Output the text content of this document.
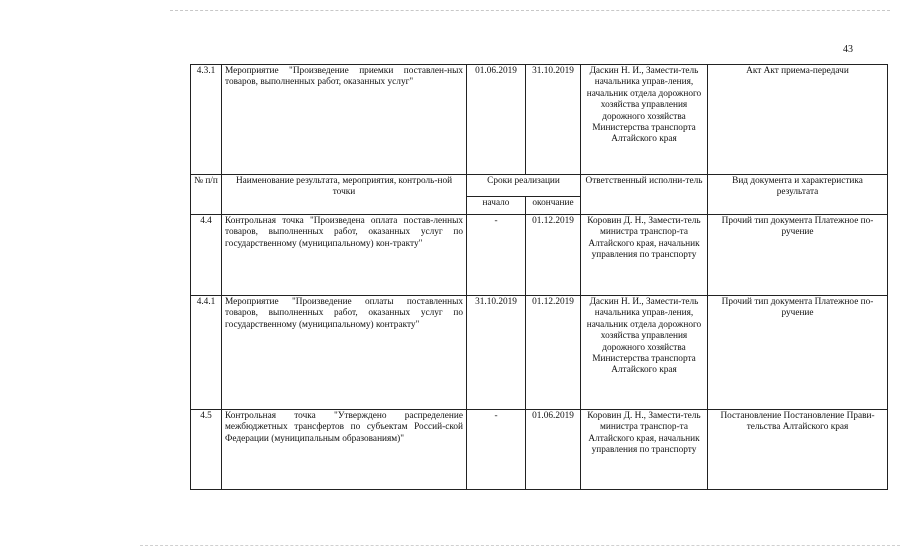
43
4.3.1	Мероприятие "Произведение приемки поставлен-ных товаров, выполненных работ, оказанных услуг"	01.06.2019	31.10.2019	Даскин Н. И., Замести-тель начальника управ-ления, начальник отдела дорожного хозяйства управления дорожного хозяйства Министерства транспорта Алтайского края	Акт Акт приема-передачи
№ п/п	Наименование результата, мероприятия, контроль-ной точки	Сроки реализации		Ответственный исполни-тель	Вид документа и характеристика результата
		начало	окончание		
4.4	Контрольная точка "Произведена оплата постав-ленных товаров, выполненных работ, оказанных услуг по государственному (муниципальному) кон-тракту"	-	01.12.2019	Коровин Д. Н., Замести-тель министра транспор-та Алтайского края, начальник управления по транспорту	Прочий тип документа Платежное по-ручение
4.4.1	Мероприятие "Произведение оплаты поставленных товаров, выполненных работ, оказанных услуг по государственному (муниципальному) контракту"	31.10.2019	01.12.2019	Даскин Н. И., Замести-тель начальника управ-ления, начальник отдела дорожного хозяйства управления дорожного хозяйства Министерства транспорта Алтайского края	Прочий тип документа Платежное по-ручение
4.5	Контрольная точка "Утверждено распределение межбюджетных трансфертов по субъектам Россий-ской Федерации (муниципальным образованиям)"	-	01.06.2019	Коровин Д. Н., Замести-тель министра транспор-та Алтайского края, начальник управления по транспорту	Постановление Постановление Прави-тельства Алтайского края
